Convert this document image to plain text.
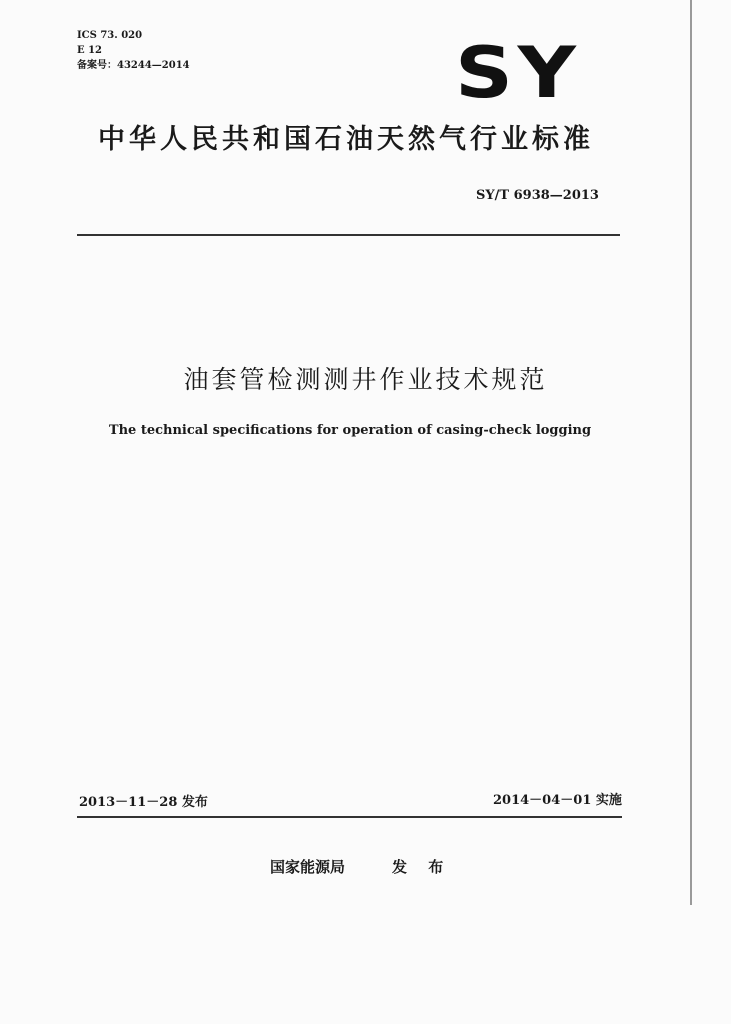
ICS 73. 020
E 12
备案号：43244—2014	SY
中华人民共和国石油天然气行业标准
SY/T 6938—2013
油套管检测测井作业技术规范
The technical specifications for operation of casing-check logging
2013－11－28 发布	2014－04－01 实施
国家能源局	发 布
